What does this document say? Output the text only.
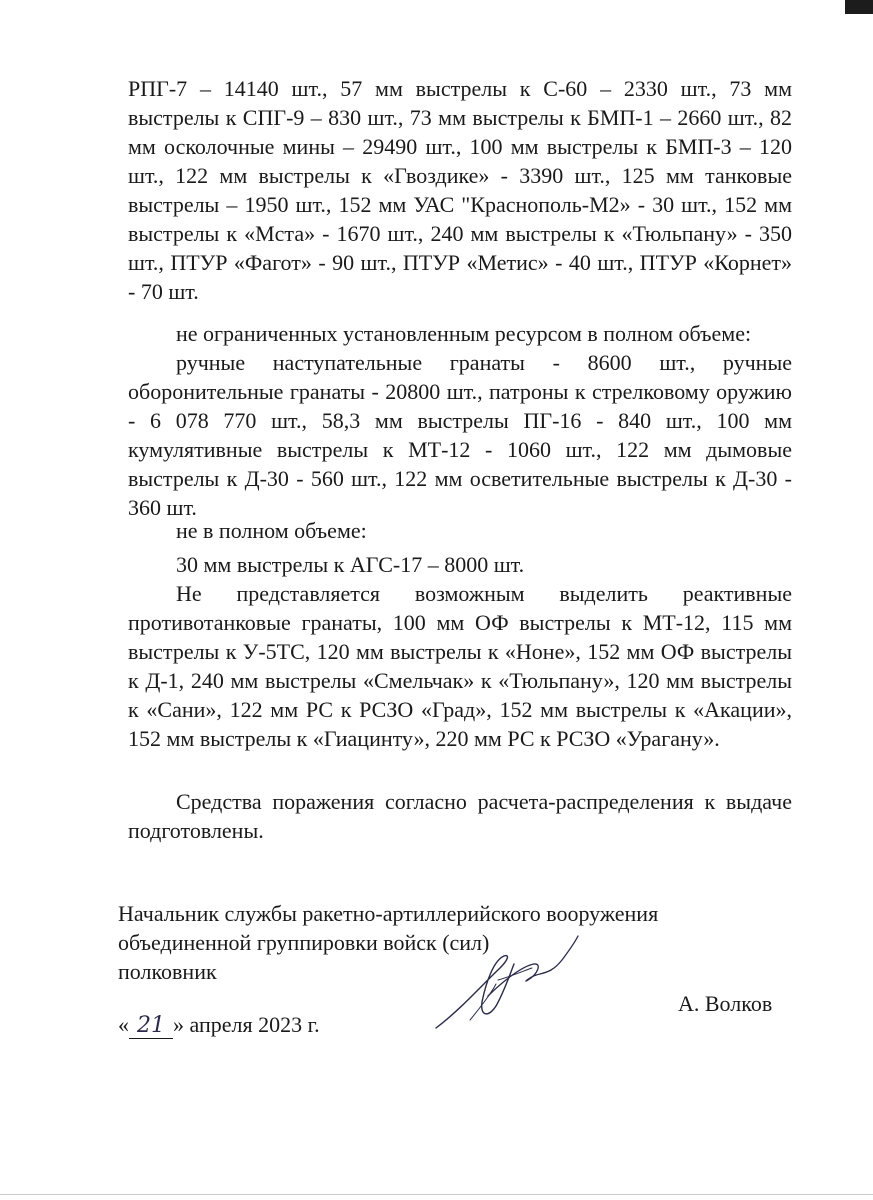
РПГ-7 – 14140 шт., 57 мм выстрелы к С-60 – 2330 шт., 73 мм выстрелы к СПГ-9 – 830 шт., 73 мм выстрелы к БМП-1 – 2660 шт., 82 мм осколочные мины – 29490 шт., 100 мм выстрелы к БМП-3 – 120 шт., 122 мм выстрелы к «Гвоздике» - 3390 шт., 125 мм танковые выстрелы – 1950 шт., 152 мм УАС "Краснополь-М2» - 30 шт., 152 мм выстрелы к «Мста» - 1670 шт., 240 мм выстрелы к «Тюльпану» - 350 шт., ПТУР «Фагот» - 90 шт., ПТУР «Метис» - 40 шт., ПТУР «Корнет» - 70 шт.

не ограниченных установленным ресурсом в полном объеме:

ручные наступательные гранаты - 8600 шт., ручные оборонительные гранаты - 20800 шт., патроны к стрелковому оружию - 6 078 770 шт., 58,3 мм выстрелы ПГ-16 - 840 шт., 100 мм кумулятивные выстрелы к МТ-12 - 1060 шт., 122 мм дымовые выстрелы к Д-30 - 560 шт., 122 мм осветительные выстрелы к Д-30 - 360 шт.

не в полном объеме:

30 мм выстрелы к АГС-17 – 8000 шт.

Не представляется возможным выделить реактивные противотанковые гранаты, 100 мм ОФ выстрелы к МТ-12, 115 мм выстрелы к У-5ТС, 120 мм выстрелы к «Ноне», 152 мм ОФ выстрелы к Д-1, 240 мм выстрелы «Смельчак» к «Тюльпану», 120 мм выстрелы к «Сани», 122 мм РС к РСЗО «Град», 152 мм выстрелы к «Акации», 152 мм выстрелы к «Гиацинту», 220 мм РС к РСЗО «Урагану».

Средства поражения согласно расчета-распределения к выдаче подготовлены.

Начальник службы ракетно-артиллерийского вооружения

объединенной группировки войск (сил)

полковник

А. Волков

« 21 » апреля 2023 г.
